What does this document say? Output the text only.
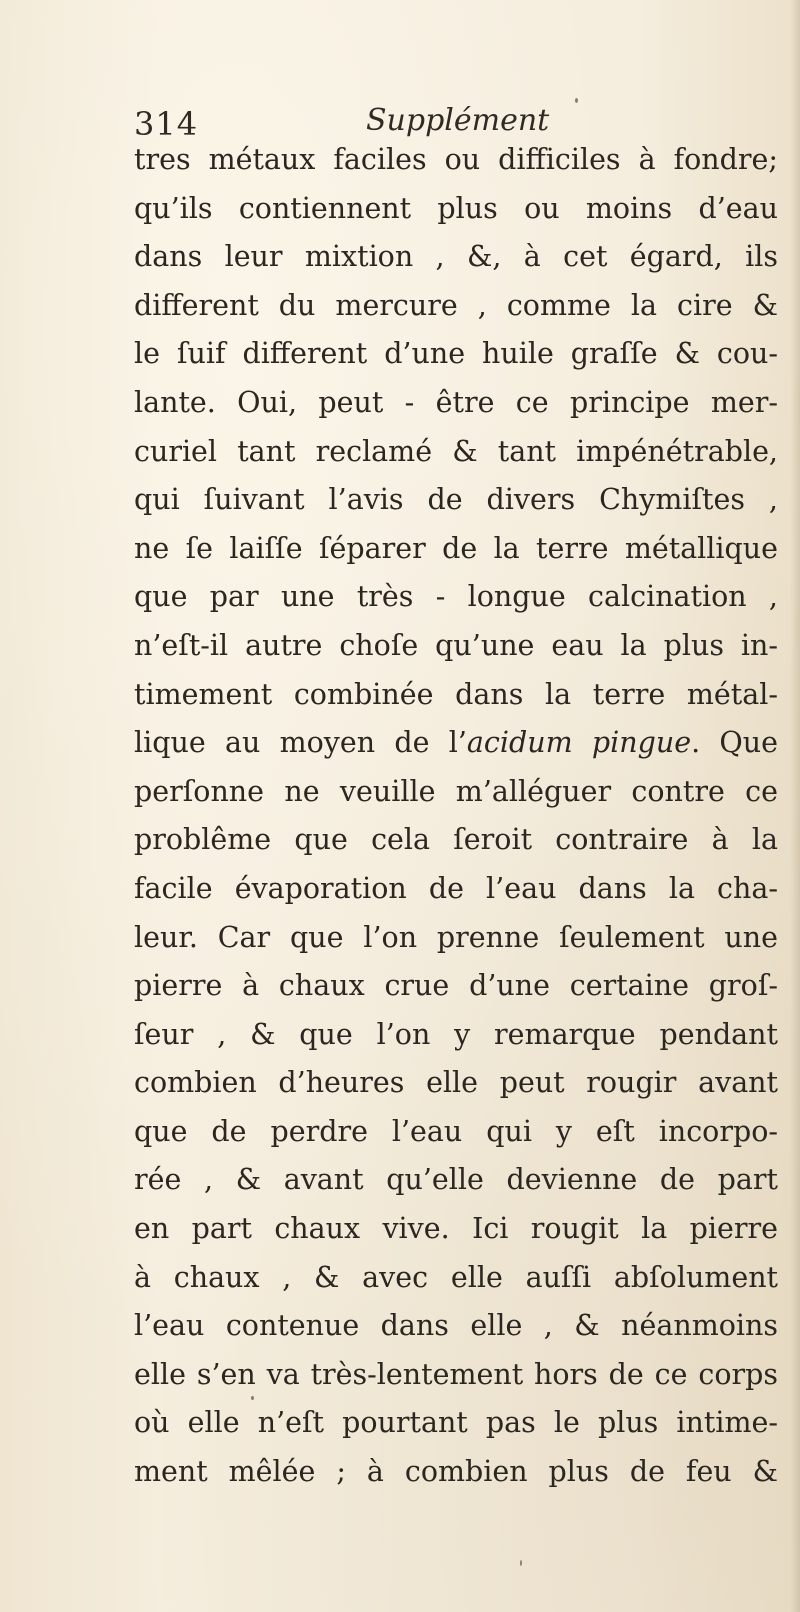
314	Supplément
tres métaux faciles ou difficiles à fondre;
qu’ils contiennent plus ou moins d’eau
dans leur mixtion , &, à cet égard, ils
different du mercure , comme la cire &
le ſuif different d’une huile graſſe & cou-
lante. Oui, peut - être ce principe mer-
curiel tant reclamé & tant impénétrable,
qui ſuivant l’avis de divers Chymiſtes ,
ne ſe laiſſe ſéparer de la terre métallique
que par une très - longue calcination ,
n’eſt-il autre choſe qu’une eau la plus in-
timement combinée dans la terre métal-
lique au moyen de l’acidum pingue. Que
perſonne ne veuille m’alléguer contre ce
problême que cela ſeroit contraire à la
facile évaporation de l’eau dans la cha-
leur. Car que l’on prenne ſeulement une
pierre à chaux crue d’une certaine groſ-
ſeur , & que l’on y remarque pendant
combien d’heures elle peut rougir avant
que de perdre l’eau qui y eſt incorpo-
rée , & avant qu’elle devienne de part
en part chaux vive. Ici rougit la pierre
à chaux , & avec elle auſſi abſolument
l’eau contenue dans elle , & néanmoins
elle s’en va très-lentement hors de ce corps
où elle n’eſt pourtant pas le plus intime-
ment mêlée ; à combien plus de feu &
